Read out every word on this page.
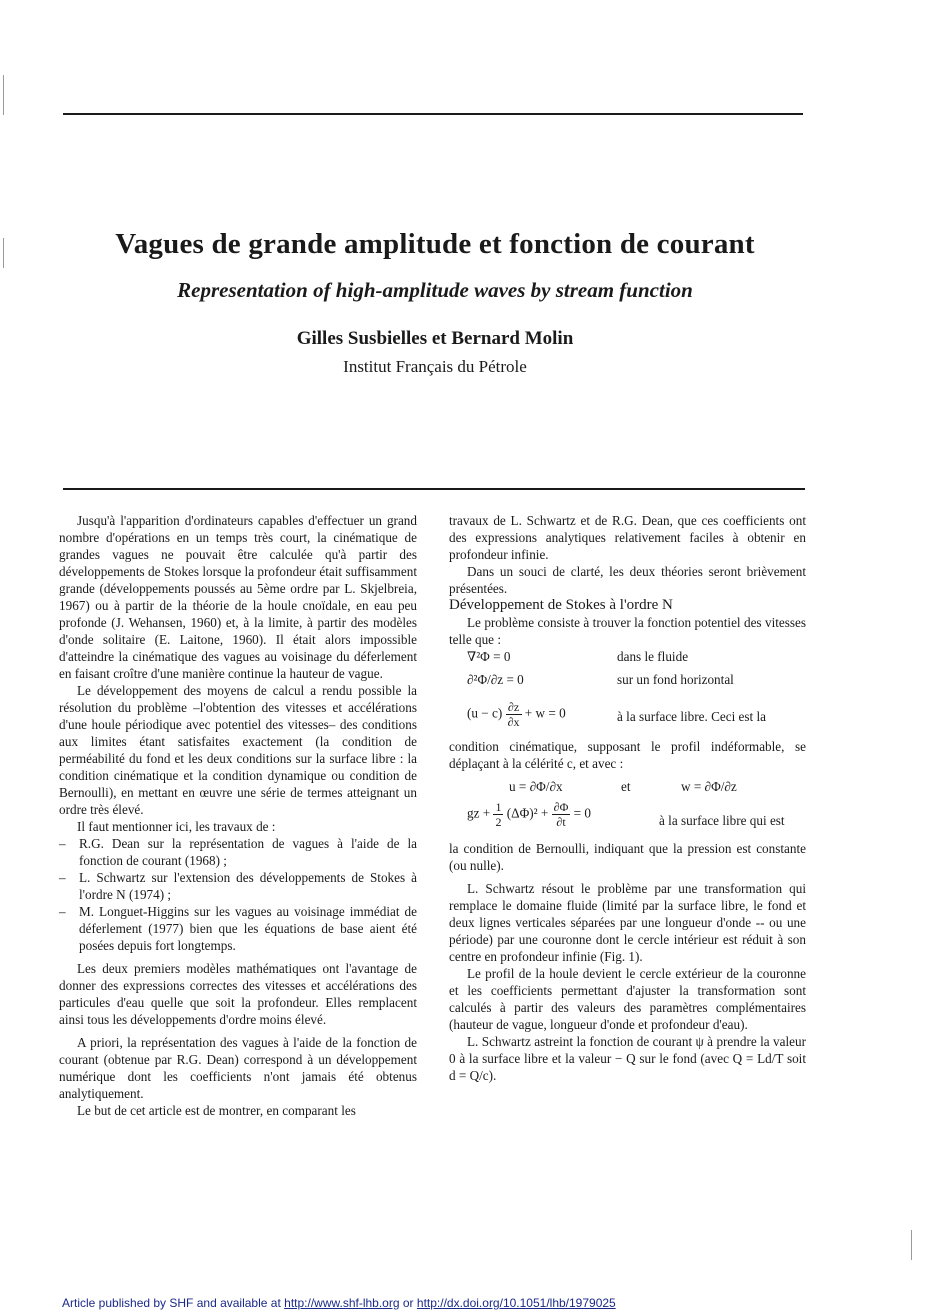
Vagues de grande amplitude et fonction de courant
Representation of high-amplitude waves by stream function
Gilles Susbielles et Bernard Molin
Institut Français du Pétrole

Jusqu'à l'apparition d'ordinateurs capables d'effectuer un grand nombre d'opérations en un temps très court, la cinématique de grandes vagues ne pouvait être calculée qu'à partir des développements de Stokes lorsque la profondeur était suffisamment grande (développements poussés au 5ème ordre par L. Skjelbreia, 1967) ou à partir de la théorie de la houle cnoïdale, en eau peu profonde (J. Wehansen, 1960) et, à la limite, à partir des modèles d'onde solitaire (E. Laitone, 1960). Il était alors impossible d'atteindre la cinématique des vagues au voisinage du déferlement en faisant croître d'une manière continue la hauteur de vague.

Le développement des moyens de calcul a rendu possible la résolution du problème –l'obtention des vitesses et accélérations d'une houle périodique avec potentiel des vitesses– des conditions aux limites étant satisfaites exactement (la condition de perméabilité du fond et les deux conditions sur la surface libre : la condition cinématique et la condition dynamique ou condition de Bernoulli), en mettant en œuvre une série de termes atteignant un ordre très élevé.

Il faut mentionner ici, les travaux de :

– R.G. Dean sur la représentation de vagues à l'aide de la fonction de courant (1968) ;
– L. Schwartz sur l'extension des développements de Stokes à l'ordre N (1974) ;
– M. Longuet-Higgins sur les vagues au voisinage immédiat de déferlement (1977) bien que les équations de base aient été posées depuis fort longtemps.

Les deux premiers modèles mathématiques ont l'avantage de donner des expressions correctes des vitesses et accélérations des particules d'eau quelle que soit la profondeur. Elles remplacent ainsi tous les développements d'ordre moins élevé.

A priori, la représentation des vagues à l'aide de la fonction de courant (obtenue par R.G. Dean) correspond à un développement numérique dont les coefficients n'ont jamais été obtenus analytiquement.

Le but de cet article est de montrer, en comparant les

travaux de L. Schwartz et de R.G. Dean, que ces coefficients ont des expressions analytiques relativement faciles à obtenir en profondeur infinie.

Dans un souci de clarté, les deux théories seront brièvement présentées.

Développement de Stokes à l'ordre N

Le problème consiste à trouver la fonction potentiel des vitesses telle que :

∇²Φ = 0	dans le fluide
∂²Φ/∂z = 0	sur un fond horizontal
$(u - c) \frac{\partial z}{\partial x} + w = 0$	à la surface libre. Ceci est la

condition cinématique, supposant le profil indéformable, se déplaçant à la célérité c, et avec :

u = ∂Φ/∂x	et	w = ∂Φ/∂z
gz + $\frac{1}{2} (\Delta\Phi)^2 + \frac{\partial\Phi}{\partial t} = 0$	à la surface libre qui est

la condition de Bernoulli, indiquant que la pression est constante (ou nulle).

L. Schwartz résout le problème par une transformation qui remplace le domaine fluide (limité par la surface libre, le fond et deux lignes verticales séparées par une longueur d'onde -- ou une période) par une couronne dont le cercle intérieur est réduit à son centre en profondeur infinie (Fig. 1).

Le profil de la houle devient le cercle extérieur de la couronne et les coefficients permettant d'ajuster la transformation sont calculés à partir des valeurs des paramètres complémentaires (hauteur de vague, longueur d'onde et profondeur d'eau).

L. Schwartz astreint la fonction de courant ψ à prendre la valeur 0 à la surface libre et la valeur − Q sur le fond (avec Q = Ld/T soit d = Q/c).

Article published by SHF and available at http://www.shf-lhb.org or http://dx.doi.org/10.1051/lhb/1979025
